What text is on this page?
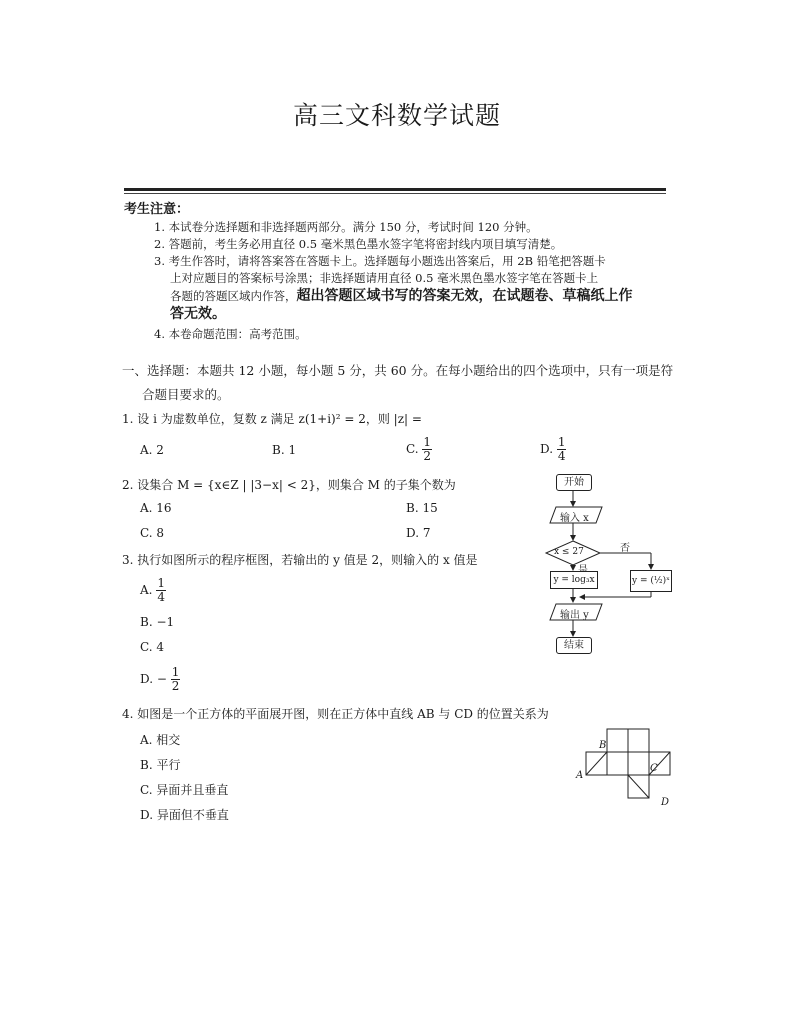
高三文科数学试题
考生注意：
1. 本试卷分选择题和非选择题两部分。满分 150 分，考试时间 120 分钟。
2. 答题前，考生务必用直径 0.5 毫米黑色墨水签字笔将密封线内项目填写清楚。
3. 考生作答时，请将答案答在答题卡上。选择题每小题选出答案后，用 2B 铅笔把答题卡
上对应题目的答案标号涂黑；非选择题请用直径 0.5 毫米黑色墨水签字笔在答题卡上
各题的答题区域内作答，超出答题区域书写的答案无效，在试题卷、草稿纸上作
答无效。
4. 本卷命题范围：高考范围。
一、选择题：本题共 12 小题，每小题 5 分，共 60 分。在每小题给出的四个选项中，只有一项是符
合题目要求的。
1. 设 i 为虚数单位，复数 z 满足 z(1+i)² = 2，则 |z| =
A. 2	B. 1	C. $\frac{1}{2}$	D. $\frac{1}{4}$
2. 设集合 M = {x∈Z | |3−x| < 2}，则集合 M 的子集个数为
A. 16	B. 15
C. 8	D. 7
3. 执行如图所示的程序框图，若输出的 y 值是 2，则输入的 x 值是
A. $\frac{1}{4}$
B. −1
C. 4
D. − $\frac{1}{2}$
开始
输入 x
x ≤ 27	否
y = log₃x	y = (½)ˣ
输出 y
结束
4. 如图是一个正方体的平面展开图，则在正方体中直线 AB 与 CD 的位置关系为
A. 相交
B. 平行
C. 异面并且垂直
D. 异面但不垂直
A
B
C
D
